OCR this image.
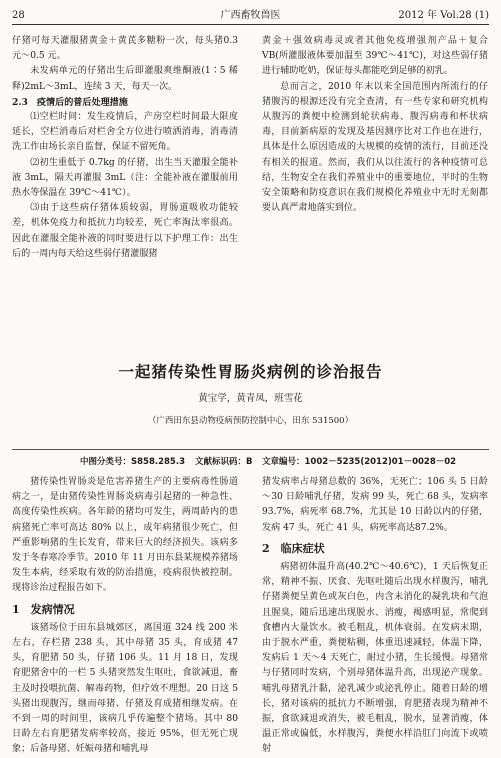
28	广西畜牧兽医	2012 年 Vol.28 (1)

仔猪可每天灌服猪黄金＋黄芪多糖粉一次，每头猪0.3 元～0.5 元。

未发病单元的仔猪出生后即灌服爽维酮液(1∶5 稀释)2mL～3mL，连续 3 天，每天一次。

2.3　疫情后的普后处理措施

⑴空栏时间：发生疫情后，产房空栏时间最大限度延长，空栏消毒后对栏舍全方位进行喷洒消毒，消毒清洗工作由场长亲自监督，保证不留死角。

⑵初生重低于 0.7kg 的仔猪，出生当天灌服全能补液 3mL，隔天再灌服 3mL（注：全能补液在灌服前用热水等保温在 39℃～41℃）。

⑶由于这些病仔猪体质较弱，胃肠道吸收功能较差，机体免疫力和抵抗力均较差，死亡率淘汰率很高。因此在灌服全能补液的同时要进行以下护理工作：出生后的一周内每天给这些弱仔猪灌服猪

黄金＋强效病毒灵或者其他免疫增强剂产品＋复合 VB(所灌服液体要加温至 39℃～41℃)，对这些弱仔猪进行辅助吃奶，保证每头都能吃到足够的初乳。

总而言之，2010 年末以来全国范围内所流行的仔猪腹泻的根源还没有完全查清，有一些专家和研究机构从腹泻的粪便中检测到轮状病毒、腹泻病毒和杯状病毒，目前新病原的发现及基因测序比对工作也在进行，具体是什么原因造成的大规模的疫情的流行，目前还没有相关的报道。然而，我们从以往流行的各种疫情可总结，生物安全在我们养殖业中的重要地位，平时的生物安全策略和防疫意识在我们规模化养殖业中无时无刻都要认真严肃地落实到位。

一起猪传染性胃肠炎病例的诊治报告
黄宝学，黄青凤，班雪花
（广西田东县动物疫病预防控制中心，田东 531500）
中图分类号：S858.285.3 文献标识码：B 文章编号：1002－5235(2012)01－0028－02

猪传染性胃肠炎是危害养猪生产的主要病毒性肠道病之一，是由猪传染性胃肠炎病毒引起猪的一种急性、高度传染性疾病。各年龄的猪均可发生，两周龄内的患病猪死亡率可高达 80% 以上，成年病猪很少死亡，但严重影响猪的生长发育，带来巨大的经济损失。该病多发于冬春寒冷季节。2010 年 11 月田东县某规模养猪场发生本病，经采取有效的防治措施，疫病很快被控制。现将诊治过程报告如下。

1　发病情况

该猪场位于田东县城郊区，离国道 324 线 200 米左右，存栏猪 238 头，其中母猪 35 头，育成猪 47 头，育肥猪 50 头，仔猪 106 头。11 月 18 日，发现育肥猪舍中的一栏 5 头猪突然发生呕吐，食欲减退，畜主及时投喂抗菌、解毒药物，但疗效不理想。20 日这 5 头猪出现腹泻，继而母猪、仔猪及育成猪相继发病。在不到一周的时间里，该病几乎传遍整个猪场。其中 80 日龄左右育肥猪发病率较高，接近 95%，但无死亡现象；后备母猪、妊娠母猪和哺乳母

猪发病率占母猪总数的 36%，无死亡；106 头 5 日龄～30 日龄哺乳仔猪，发病 99 头，死亡 68 头，发病率 93.7%，病死率 68.7%，尤其是 10 日龄以内的仔猪，发病 47 头，死亡 41 头，病死率高达87.2%。

2　临床症状

病猪初体温升高(40.2℃～40.6℃)，1 天后恢复正常，精神不振、厌食、先呕吐随后出现水样腹泻，哺乳仔猪粪便呈黄色或灰白色，内含未消化的凝乳块和气泡且腥臭，随后迅速出现脱水、消瘦，褐感明显，常爬到食槽内大量饮水。被毛粗乱，机体衰弱。在发病末期，由于脱水严重，粪便粘稠，体重迅速减轻，体温下降，发病后 1 天～4 天死亡，耐过小猪，生长缓慢。母猪常与仔猪同时发病，个别母猪体温升高，出现泌产现象。哺乳母猪乳汁黏，泌乳减少或泌乳停止。随着日龄的增长，猪对该病的抵抗力不断增强，育肥猪表现为精神不振，食欲减退或消失，被毛粗乱，脱水，显著消瘦，体温正常或偏低，水样腹泻，粪便水样沿肛门向流下或喷射
